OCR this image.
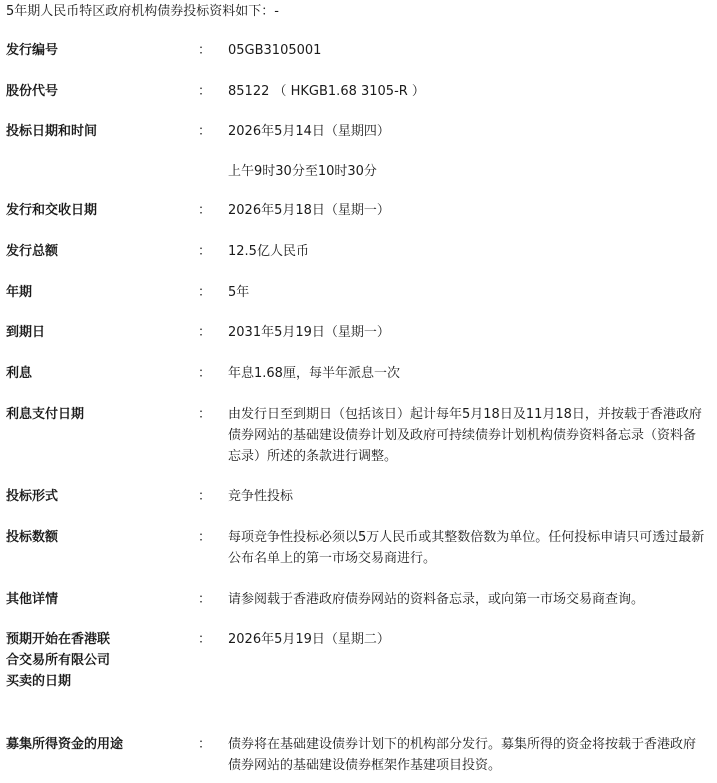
5年期人民币特区政府机构债券投标资料如下：-
发行编号	： 05GB3105001
股份代号	： 85122 （ HKGB1.68 3105-R ）
投标日期和时间	： 2026年5月14日（星期四）
上午9时30分至10时30分
发行和交收日期	： 2026年5月18日（星期一）
发行总额	： 12.5亿人民币
年期	： 5年
到期日	： 2031年5月19日（星期一）
利息	： 年息1.68厘，每半年派息一次
利息支付日期	： 由发行日至到期日（包括该日）起计每年5月18日及11月18日，并按载于香港政府债券网站的基础建设债券计划及政府可持续债券计划机构债券资料备忘录（资料备忘录）所述的条款进行调整。
投标形式	： 竞争性投标
投标数额	： 每项竞争性投标必须以5万人民币或其整数倍数为单位。任何投标申请只可透过最新公布名单上的第一市场交易商进行。
其他详情	： 请参阅载于香港政府债券网站的资料备忘录，或向第一市场交易商查询。
预期开始在香港联合交易所有限公司买卖的日期
： 2026年5月19日（星期二）
募集所得资金的用途	： 债券将在基础建设债券计划下的机构部分发行。募集所得的资金将按载于香港政府债券网站的基础建设债券框架作基建项目投资。
